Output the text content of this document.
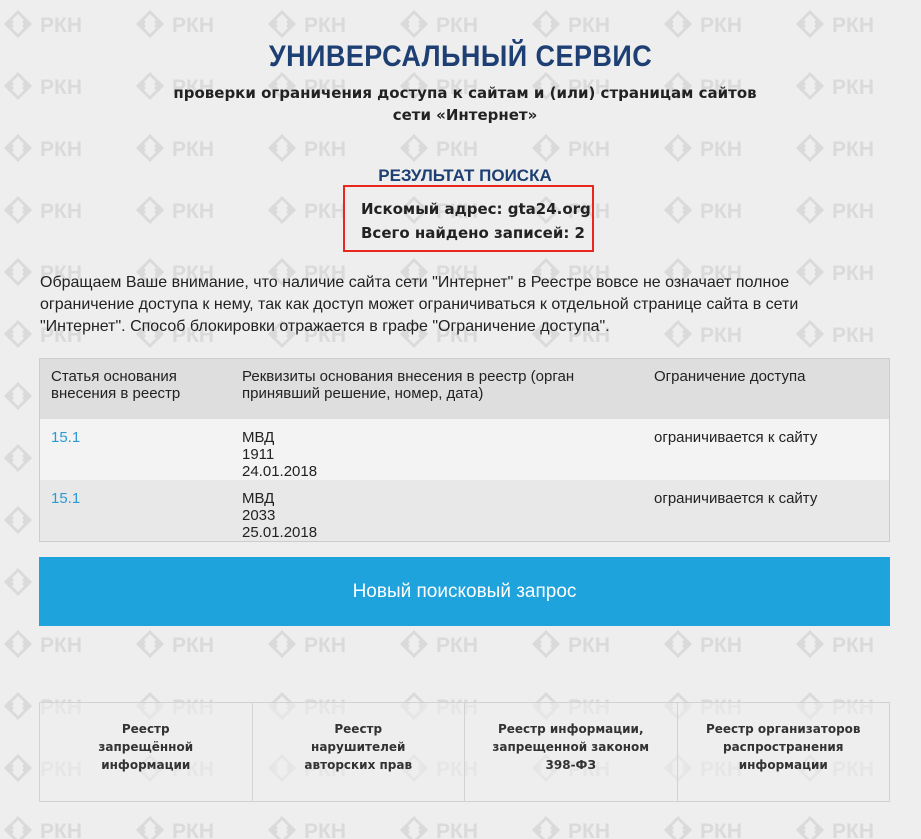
УНИВЕРСАЛЬНЫЙ СЕРВИС
проверки ограничения доступа к сайтам и (или) страницам сайтов сети «Интернет»
РЕЗУЛЬТАТ ПОИСКА
Искомый адрес: gta24.org
Всего найдено записей: 2
Обращаем Ваше внимание, что наличие сайта сети "Интернет" в Реестре вовсе не означает полное ограничение доступа к нему, так как доступ может ограничиваться к отдельной странице сайта в сети "Интернет". Способ блокировки отражается в графе "Ограничение доступа".
Статья основания внесения в реестр
Реквизиты основания внесения в реестр (орган принявший решение, номер, дата)
Ограничение доступа
15.1	МВД
1911
24.01.2018
ограничивается к сайту
15.1	МВД
2033
25.01.2018
ограничивается к сайту
Новый поисковый запрос
Реестр запрещённой информации
Реестр нарушителей авторских прав
Реестр информации, запрещенной законом 398-ФЗ
Реестр организаторов распространения информации
